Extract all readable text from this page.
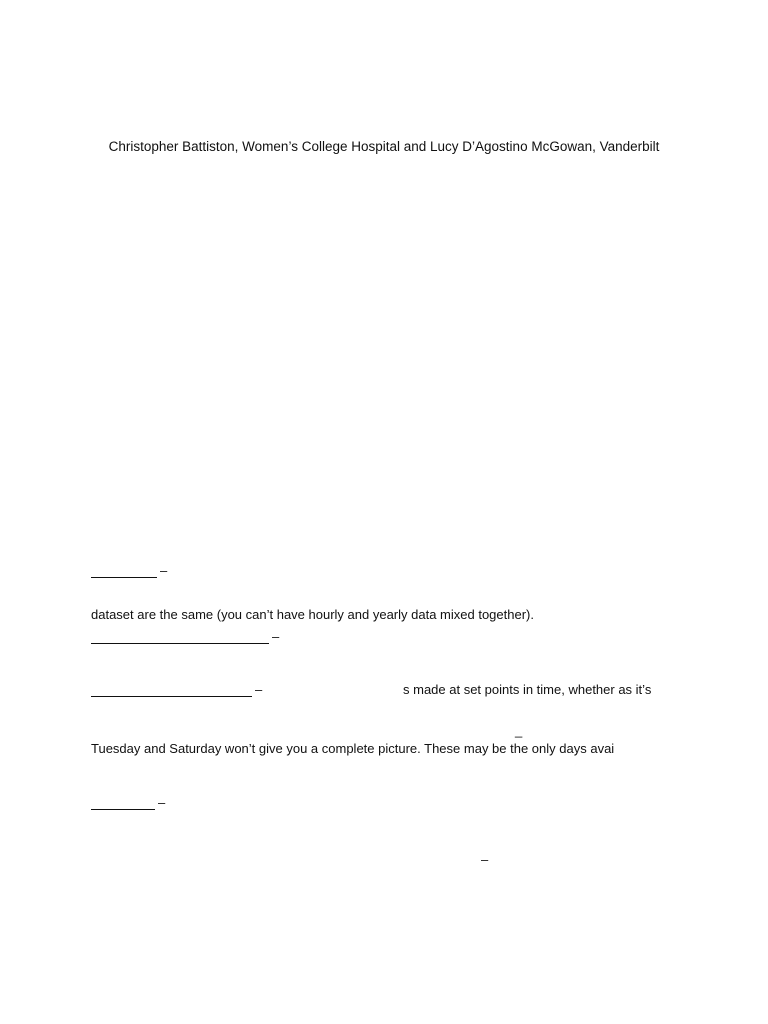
Christopher Battiston, Women’s College Hospital and Lucy D’Agostino McGowan, Vanderbilt
–
dataset are the same (you can’t have hourly and yearly data mixed together).
–
–	s made at set points in time, whether as it’s
_
Tuesday and Saturday won’t give you a complete picture. These may be the only days avai
–
–
